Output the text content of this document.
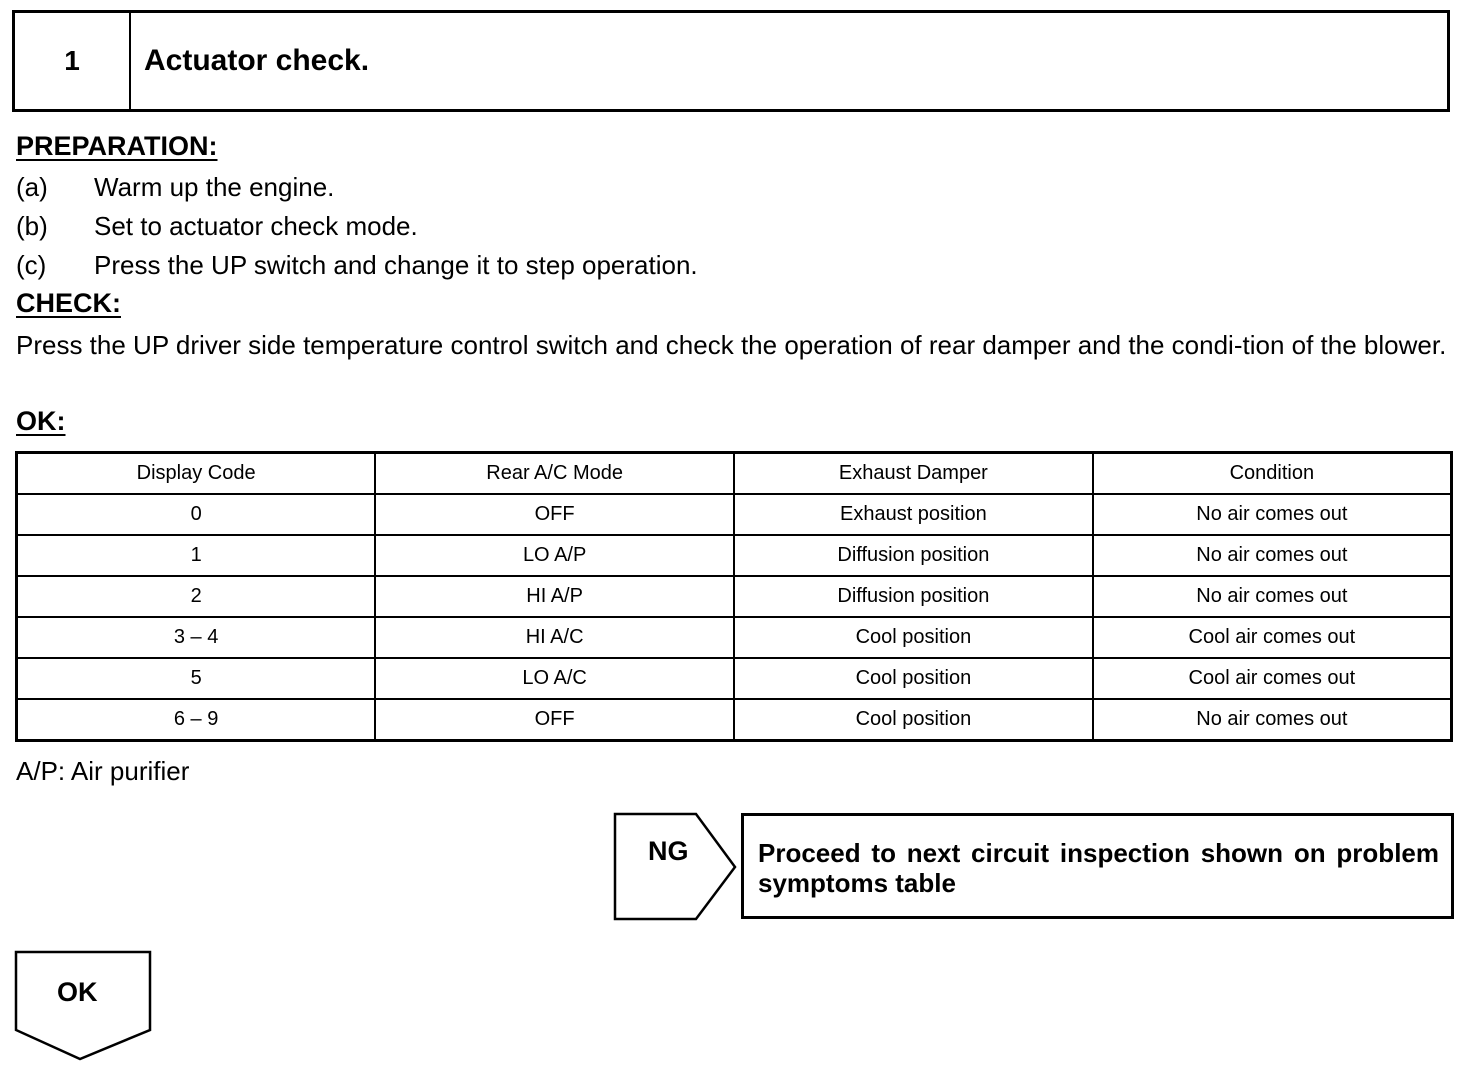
1	Actuator check.
PREPARATION:
(a) Warm up the engine.
(b) Set to actuator check mode.
(c) Press the UP switch and change it to step operation.
CHECK:
Press the UP driver side temperature control switch and check the operation of rear damper and the condi-tion of the blower.
OK:
Display Code	Rear A/C Mode	Exhaust Damper	Condition
0	OFF	Exhaust position	No air comes out
1	LO A/P	Diffusion position	No air comes out
2	HI A/P	Diffusion position	No air comes out
3 – 4	HI A/C	Cool position	Cool air comes out
5	LO A/C	Cool position	Cool air comes out
6 – 9	OFF	Cool position	No air comes out
A/P: Air purifier
NG	Proceed to next circuit inspection shown on problem symptoms table
OK
